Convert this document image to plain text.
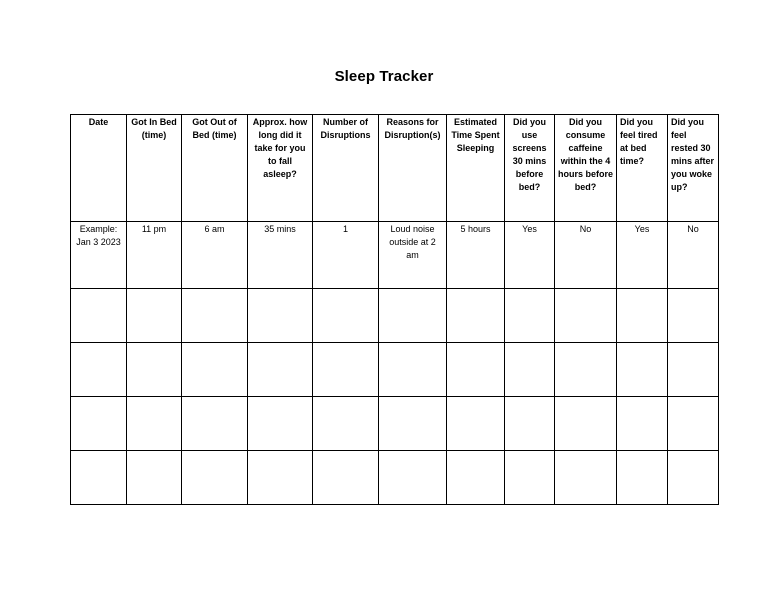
Sleep Tracker
Date	Got In Bed (time)	Got Out of Bed (time)	Approx. how long did it take for you to fall asleep?	Number of Disruptions	Reasons for Disruption(s)	Estimated Time Spent Sleeping	Did you use screens 30 mins before bed?	Did you consume caffeine within the 4 hours before bed?	Did you feel tired at bed time?	Did you feel rested 30 mins after you woke up?
Example: Jan 3 2023	11 pm	6 am	35 mins	1	Loud noise outside at 2 am	5 hours	Yes	No	Yes	No
